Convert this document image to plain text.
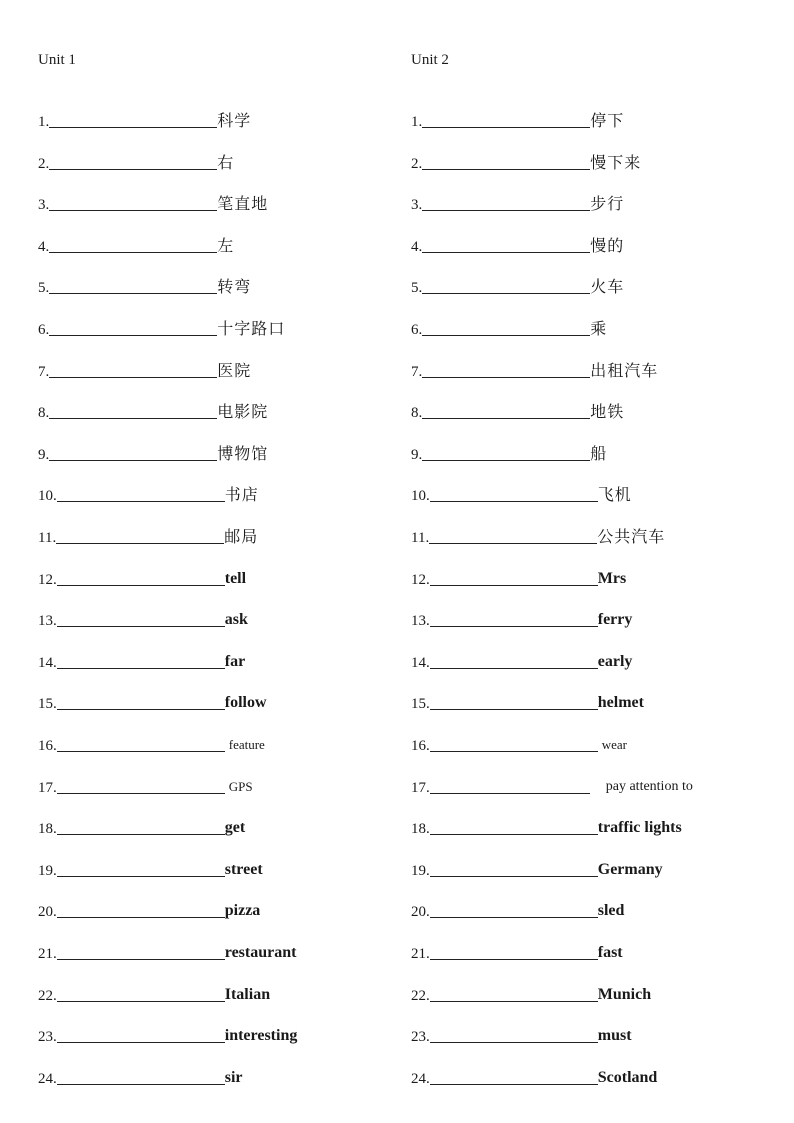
Unit 1
1.	科学
2.	右
3.	笔直地
4.	左
5.	转弯
6.	十字路口
7.	医院
8.	电影院
9.	博物馆
10.	书店
11.	邮局
12.	tell
13.	ask
14.	far
15.	follow
16.	feature
17.	GPS
18.	get
19.	street
20.	pizza
21.	restaurant
22.	Italian
23.	interesting
24.	sir
Unit 2
1.	停下
2.	慢下来
3.	步行
4.	慢的
5.	火车
6.	乘
7.	出租汽车
8.	地铁
9.	船
10.	飞机
11.	公共汽车
12.	Mrs
13.	ferry
14.	early
15.	helmet
16.	wear
17.	pay attention to
18.	traffic lights
19.	Germany
20.	sled
21.	fast
22.	Munich
23.	must
24.	Scotland
